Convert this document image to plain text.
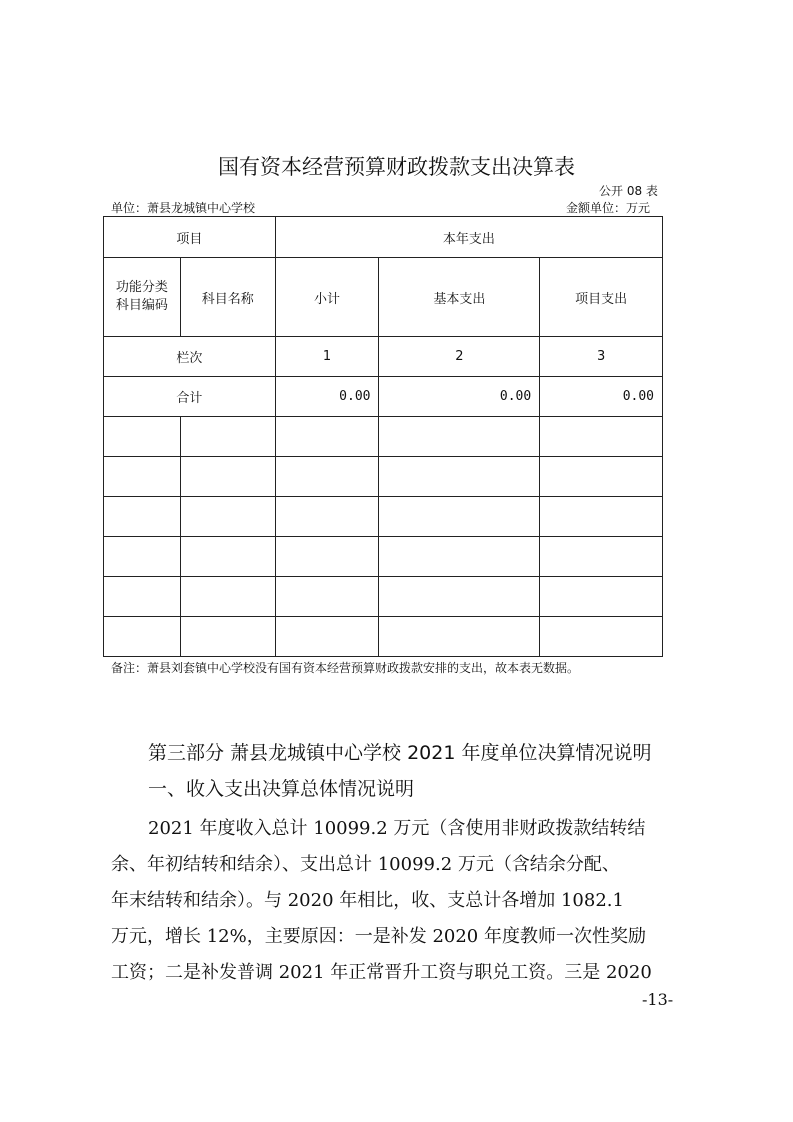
国有资本经营预算财政拨款支出决算表
公开 08 表
单位：萧县龙城镇中心学校	金额单位：万元
项目		本年支出		

功能分类
科目编码	科目名称	小计	基本支出	项目支出
栏次		1	2	3
合计		0.00	0.00	0.00

备注：萧县刘套镇中心学校没有国有资本经营预算财政拨款安排的支出，故本表无数据。
第三部分 萧县龙城镇中心学校 2021 年度单位决算情况说明
一、收入支出决算总体情况说明
2021 年度收入总计 10099.2 万元（含使用非财政拨款结转结
余、年初结转和结余）、支出总计 10099.2 万元（含结余分配、
年末结转和结余）。与 2020 年相比，收、支总计各增加 1082.1
万元，增长 12%，主要原因：一是补发 2020 年度教师一次性奖励
工资；二是补发普调 2021 年正常晋升工资与职兑工资。三是 2020
-13-
